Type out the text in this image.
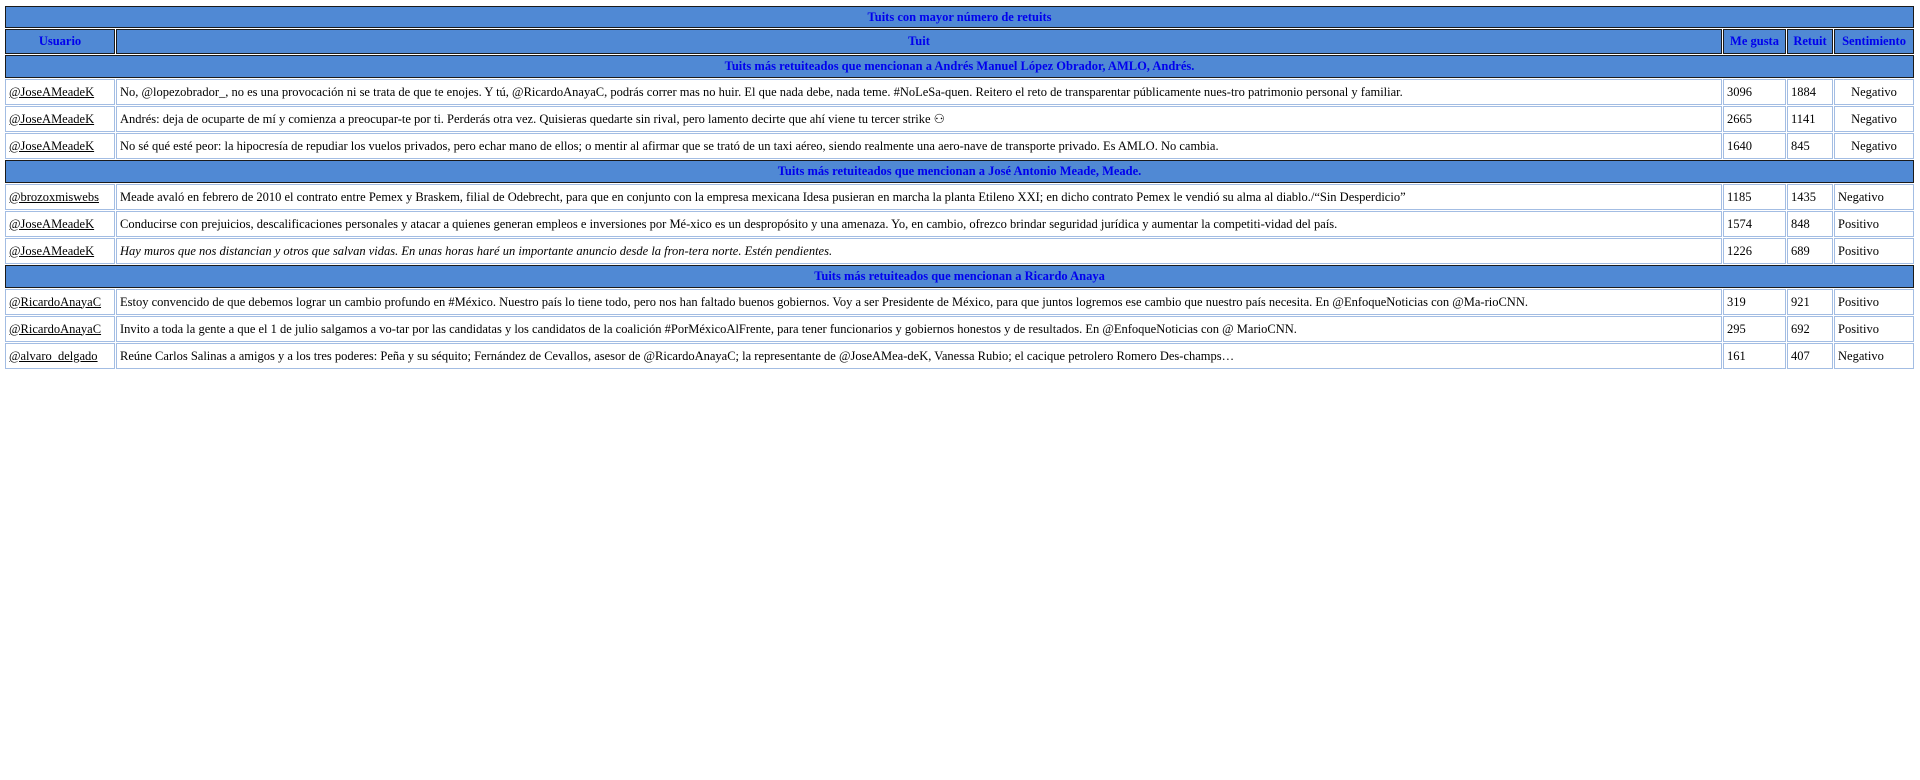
Tuits con mayor número de retuits				
Usuario	Tuit	Me gusta	Retuit	Sentimiento
Tuits más retuiteados que mencionan a Andrés Manuel López Obrador, AMLO, Andrés.				
@JoseAMeadeK	No, @lopezobrador_, no es una provocación ni se trata de que te enojes. Y tú, @RicardoAnayaC, podrás correr mas no huir. El que nada debe, nada teme. #NoLeSa-quen. Reitero el reto de transparentar públicamente nues-tro patrimonio personal y familiar.	3096	1884	Negativo
@JoseAMeadeK	Andrés: deja de ocuparte de mí y comienza a preocupar-te por ti. Perderás otra vez. Quisieras quedarte sin rival, pero lamento decirte que ahí viene tu tercer strike ⚇	2665	1141	Negativo
@JoseAMeadeK	No sé qué esté peor: la hipocresía de repudiar los vuelos privados, pero echar mano de ellos; o mentir al afirmar que se trató de un taxi aéreo, siendo realmente una aero-nave de transporte privado. Es AMLO. No cambia.	1640	845	Negativo
Tuits más retuiteados que mencionan a José Antonio Meade, Meade.				
@brozoxmiswebs	Meade avaló en febrero de 2010 el contrato entre Pemex y Braskem, filial de Odebrecht, para que en conjunto con la empresa mexicana Idesa pusieran en marcha la planta Etileno XXI; en dicho contrato Pemex le vendió su alma al diablo./“Sin Desperdicio”	1185	1435	Negativo
@JoseAMeadeK	Conducirse con prejuicios, descalificaciones personales y atacar a quienes generan empleos e inversiones por Mé-xico es un despropósito y una amenaza. Yo, en cambio, ofrezco brindar seguridad jurídica y aumentar la competiti-vidad del país.	1574	848	Positivo
@JoseAMeadeK	Hay muros que nos distancian y otros que salvan vidas. En unas horas haré un importante anuncio desde la fron-tera norte. Estén pendientes.	1226	689	Positivo
Tuits más retuiteados que mencionan a Ricardo Anaya				
@RicardoAnayaC	Estoy convencido de que debemos lograr un cambio profundo en #México. Nuestro país lo tiene todo, pero nos han faltado buenos gobiernos. Voy a ser Presidente de México, para que juntos logremos ese cambio que nuestro país necesita. En @EnfoqueNoticias con @Ma-rioCNN.	319	921	Positivo
@RicardoAnayaC	Invito a toda la gente a que el 1 de julio salgamos a vo-tar por las candidatas y los candidatos de la coalición #PorMéxicoAlFrente, para tener funcionarios y gobiernos honestos y de resultados. En @EnfoqueNoticias con @ MarioCNN.	295	692	Positivo
@alvaro_delgado	Reúne Carlos Salinas a amigos y a los tres poderes: Peña y su séquito; Fernández de Cevallos, asesor de @RicardoAnayaC; la representante de @JoseAMea-deK, Vanessa Rubio; el cacique petrolero Romero Des-champs…	161	407	Negativo
